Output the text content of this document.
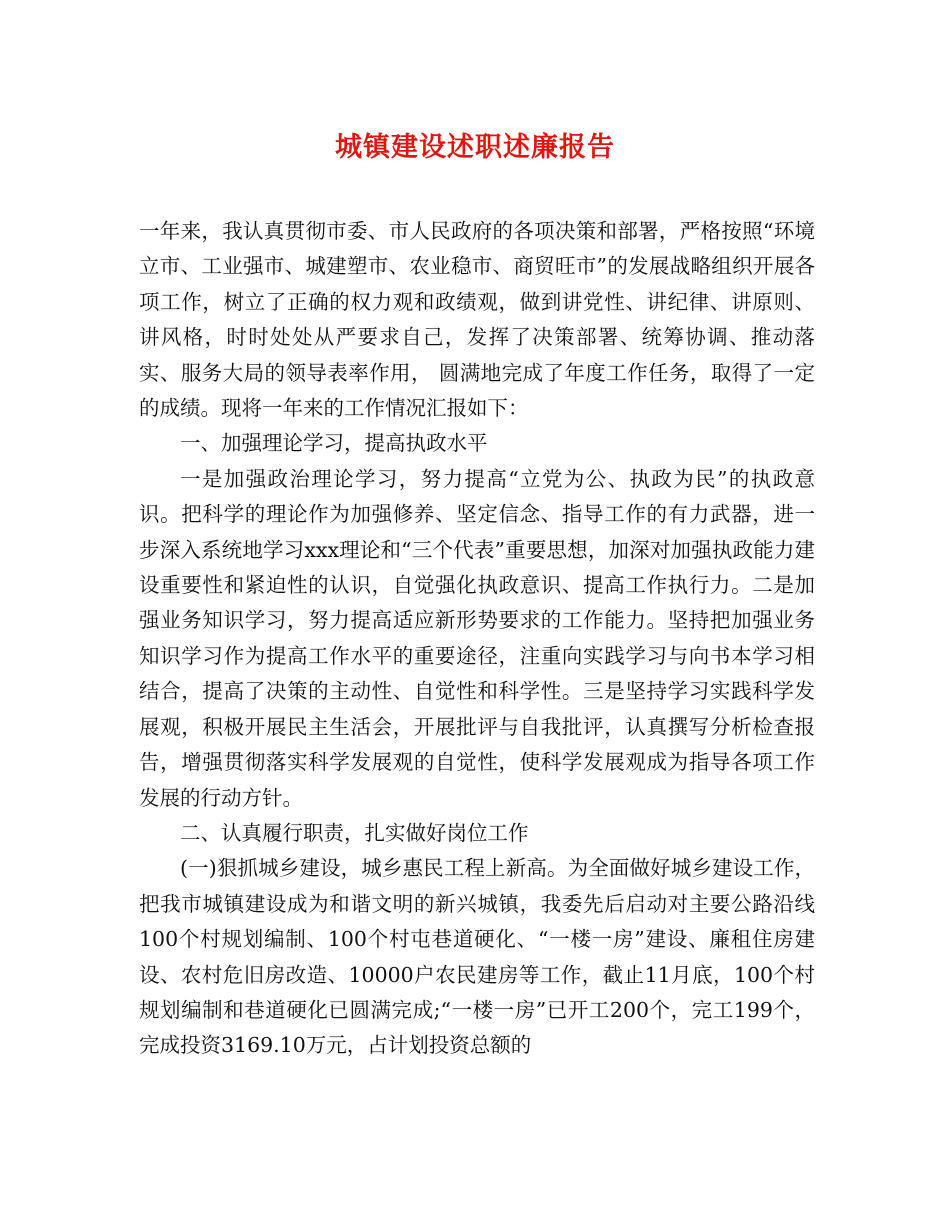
城镇建设述职述廉报告

一年来，我认真贯彻市委、市人民政府的各项决策和部署，严格按照“环境立市、工业强市、城建塑市、农业稳市、商贸旺市”的发展战略组织开展各项工作，树立了正确的权力观和政绩观，做到讲党性、讲纪律、讲原则、讲风格，时时处处从严要求自己，发挥了决策部署、统筹协调、推动落实、服务大局的领导表率作用， 圆满地完成了年度工作任务，取得了一定的成绩。现将一年来的工作情况汇报如下：

一、加强理论学习，提高执政水平

一是加强政治理论学习，努力提高“立党为公、执政为民”的执政意识。把科学的理论作为加强修养、坚定信念、指导工作的有力武器，进一步深入系统地学习xxx理论和“三个代表”重要思想，加深对加强执政能力建设重要性和紧迫性的认识，自觉强化执政意识、提高工作执行力。二是加强业务知识学习，努力提高适应新形势要求的工作能力。坚持把加强业务知识学习作为提高工作水平的重要途径，注重向实践学习与向书本学习相结合，提高了决策的主动性、自觉性和科学性。三是坚持学习实践科学发展观，积极开展民主生活会，开展批评与自我批评，认真撰写分析检查报告，增强贯彻落实科学发展观的自觉性，使科学发展观成为指导各项工作发展的行动方针。

二、认真履行职责，扎实做好岗位工作

(一)狠抓城乡建设，城乡惠民工程上新高。为全面做好城乡建设工作，把我市城镇建设成为和谐文明的新兴城镇，我委先后启动对主要公路沿线100个村规划编制、100个村屯巷道硬化、“一楼一房”建设、廉租住房建设、农村危旧房改造、10000户农民建房等工作，截止11月底，100个村规划编制和巷道硬化已圆满完成;“一楼一房”已开工200个，完工199个，完成投资3169.10万元，占计划投资总额的
